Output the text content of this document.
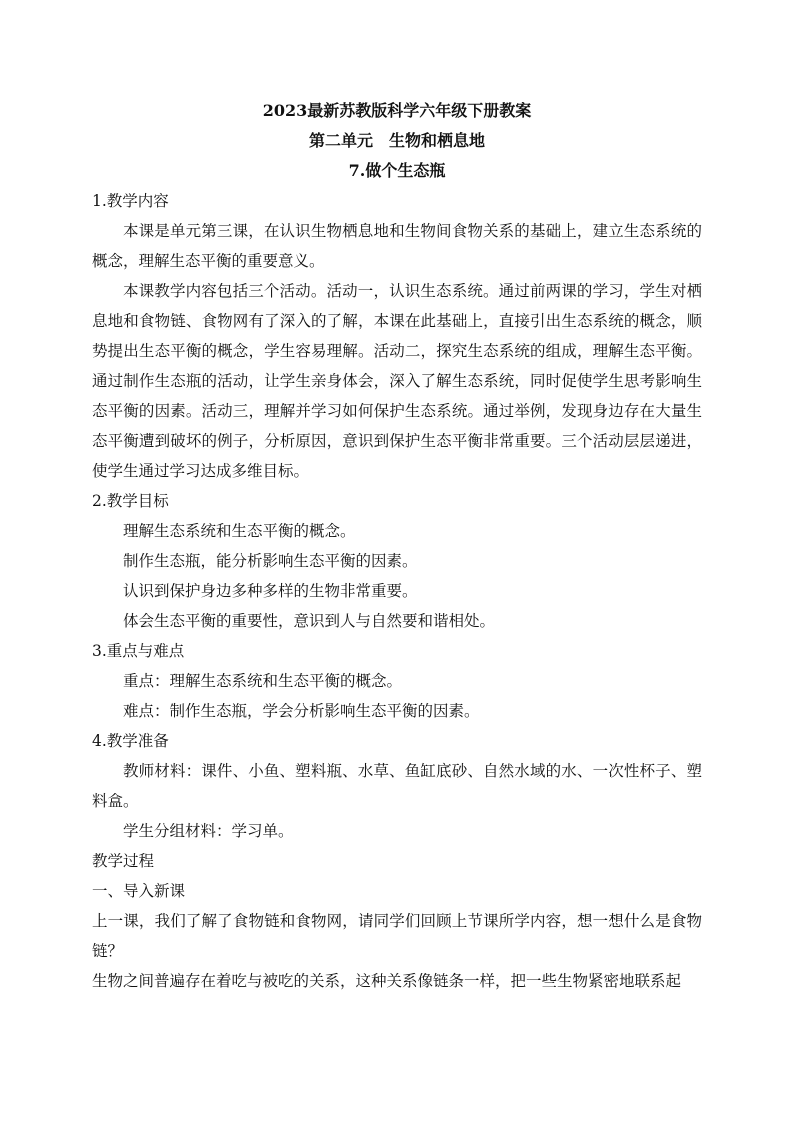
2023最新苏教版科学六年级下册教案
第二单元　生物和栖息地
7.做个生态瓶
1.教学内容

本课是单元第三课，在认识生物栖息地和生物间食物关系的基础上，建立生态系统的概念，理解生态平衡的重要意义。

本课教学内容包括三个活动。活动一，认识生态系统。通过前两课的学习，学生对栖息地和食物链、食物网有了深入的了解，本课在此基础上，直接引出生态系统的概念，顺势提出生态平衡的概念，学生容易理解。活动二，探究生态系统的组成，理解生态平衡。通过制作生态瓶的活动，让学生亲身体会，深入了解生态系统，同时促使学生思考影响生态平衡的因素。活动三，理解并学习如何保护生态系统。通过举例，发现身边存在大量生态平衡遭到破坏的例子，分析原因，意识到保护生态平衡非常重要。三个活动层层递进，使学生通过学习达成多维目标。

2.教学目标
理解生态系统和生态平衡的概念。
制作生态瓶，能分析影响生态平衡的因素。
认识到保护身边多种多样的生物非常重要。
体会生态平衡的重要性，意识到人与自然要和谐相处。
3.重点与难点
重点：理解生态系统和生态平衡的概念。
难点：制作生态瓶，学会分析影响生态平衡的因素。
4.教学准备

教师材料：课件、小鱼、塑料瓶、水草、鱼缸底砂、自然水域的水、一次性杯子、塑料盒。

学生分组材料：学习单。

教学过程
一、导入新课

上一课，我们了解了食物链和食物网，请同学们回顾上节课所学内容，想一想什么是食物链？

生物之间普遍存在着吃与被吃的关系，这种关系像链条一样，把一些生物紧密地联系起
